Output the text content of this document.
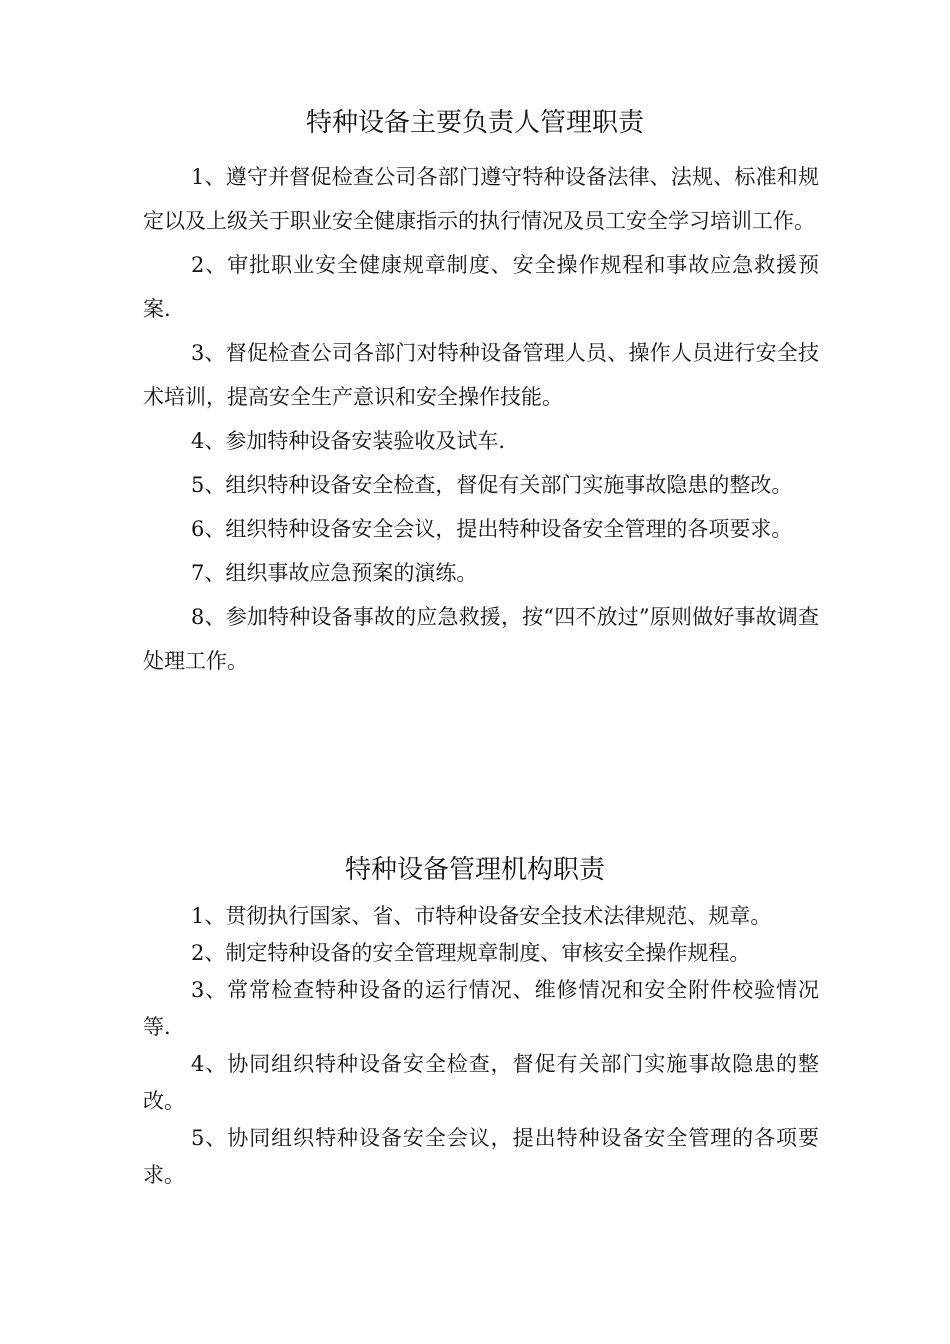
特种设备主要负责人管理职责

1、遵守并督促检查公司各部门遵守特种设备法律、法规、标准和规定以及上级关于职业安全健康指示的执行情况及员工安全学习培训工作。

2、审批职业安全健康规章制度、安全操作规程和事故应急救援预案.

3、督促检查公司各部门对特种设备管理人员、操作人员进行安全技术培训，提高安全生产意识和安全操作技能。

4、参加特种设备安装验收及试车.

5、组织特种设备安全检查，督促有关部门实施事故隐患的整改。

6、组织特种设备安全会议，提出特种设备安全管理的各项要求。

7、组织事故应急预案的演练。

8、参加特种设备事故的应急救援，按“四不放过”原则做好事故调查处理工作。

特种设备管理机构职责

1、贯彻执行国家、省、市特种设备安全技术法律规范、规章。

2、制定特种设备的安全管理规章制度、审核安全操作规程。

3、常常检查特种设备的运行情况、维修情况和安全附件校验情况等.

4、协同组织特种设备安全检查，督促有关部门实施事故隐患的整改。

5、协同组织特种设备安全会议，提出特种设备安全管理的各项要求。
